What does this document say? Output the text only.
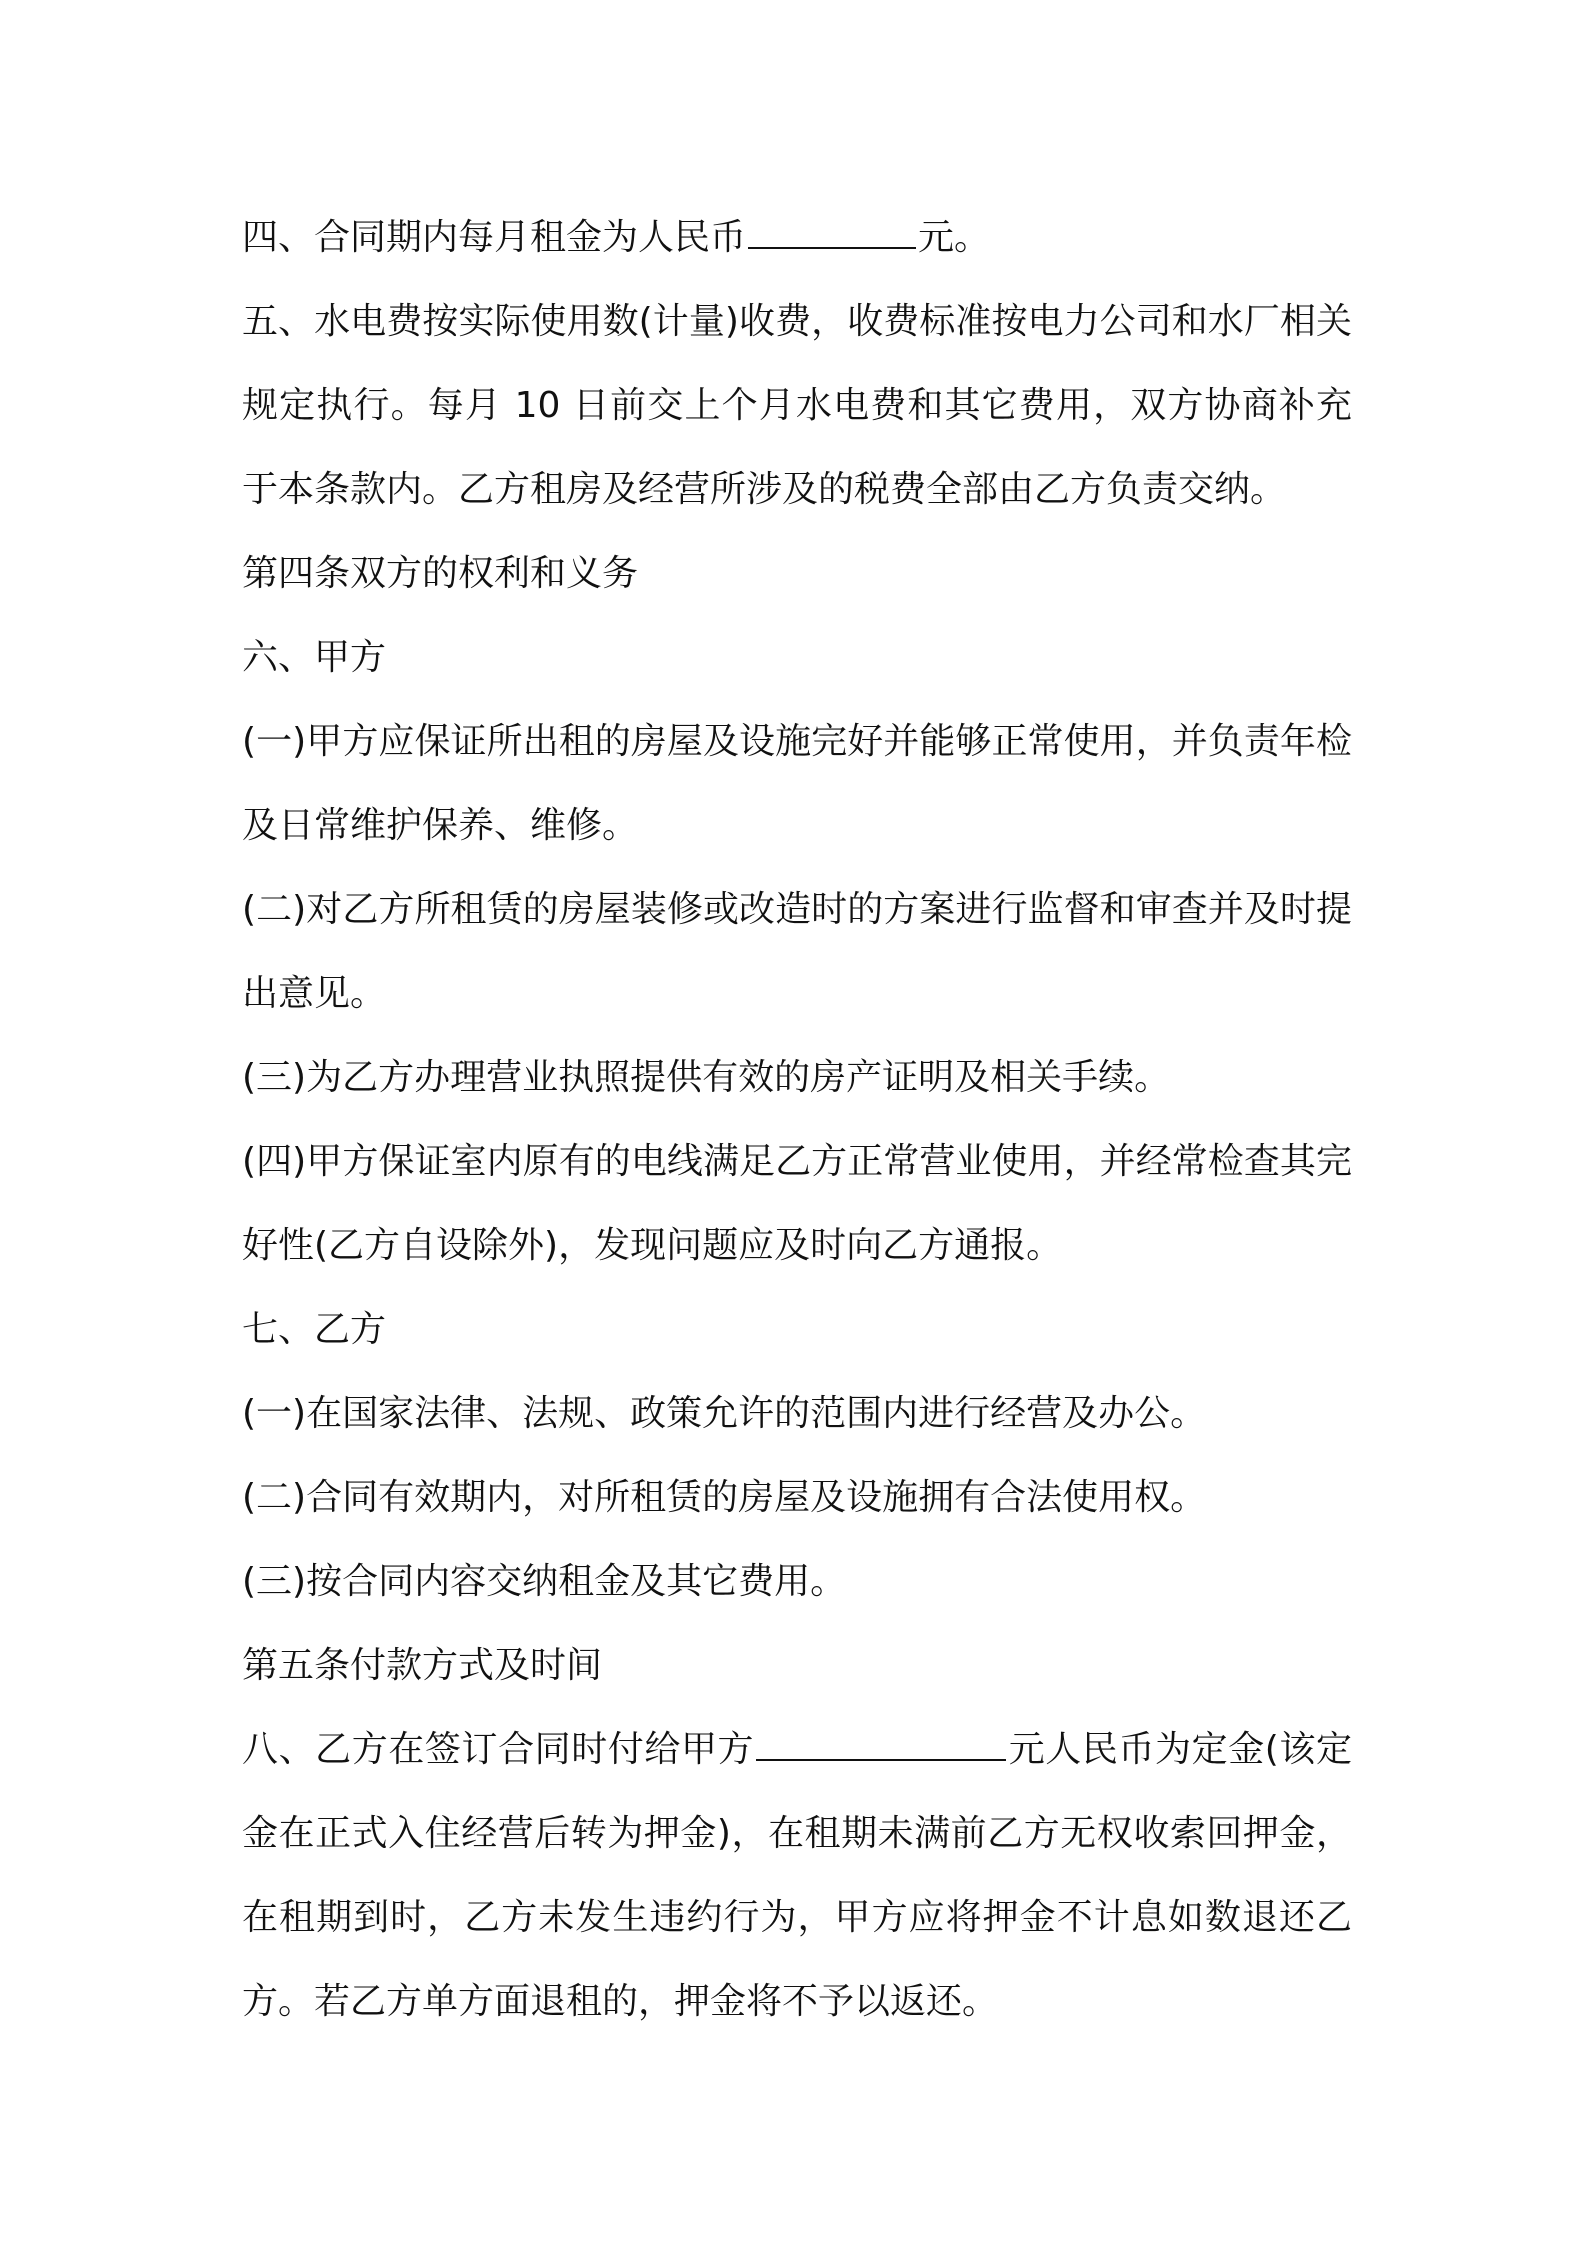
四、合同期内每月租金为人民币	元。

五、水电费按实际使用数(计量)收费，收费标准按电力公司和水厂相关规定执行。每月 10 日前交上个月水电费和其它费用，双方协商补充于本条款内。乙方租房及经营所涉及的税费全部由乙方负责交纳。

第四条双方的权利和义务

六、甲方

(一)甲方应保证所出租的房屋及设施完好并能够正常使用，并负责年检及日常维护保养、维修。

(二)对乙方所租赁的房屋装修或改造时的方案进行监督和审查并及时提出意见。

(三)为乙方办理营业执照提供有效的房产证明及相关手续。

(四)甲方保证室内原有的电线满足乙方正常营业使用，并经常检查其完好性(乙方自设除外)，发现问题应及时向乙方通报。

七、乙方

(一)在国家法律、法规、政策允许的范围内进行经营及办公。

(二)合同有效期内，对所租赁的房屋及设施拥有合法使用权。

(三)按合同内容交纳租金及其它费用。

第五条付款方式及时间

八、乙方在签订合同时付给甲方	元人民币为定金(该定金在正式入住经营后转为押金)，在租期未满前乙方无权收索回押金，在租期到时，乙方未发生违约行为，甲方应将押金不计息如数退还乙方。若乙方单方面退租的，押金将不予以返还。
